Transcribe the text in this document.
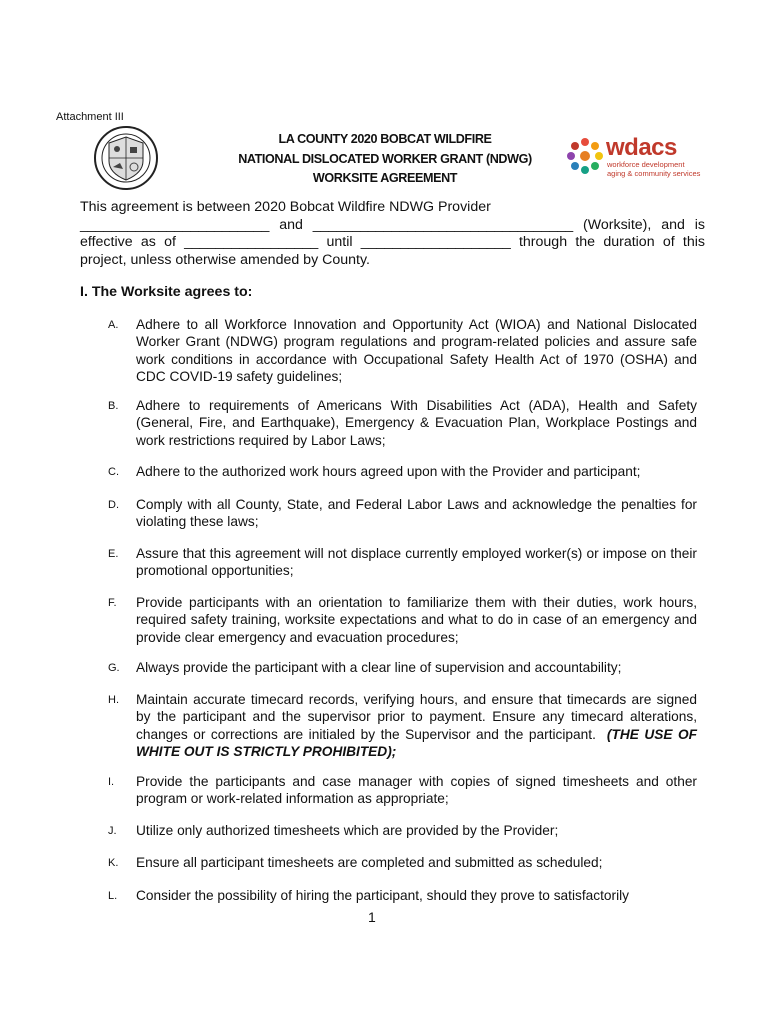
Attachment III
LA COUNTY 2020 BOBCAT WILDFIRE
NATIONAL DISLOCATED WORKER GRANT (NDWG)
WORKSITE AGREEMENT
wdacs
workforce development
aging & community services

This agreement is between 2020 Bobcat Wildfire NDWG Provider

________________________ and _________________________________ (Worksite), and is

effective as of _________________ until ___________________ through the duration of this

project, unless otherwise amended by County.

I. The Worksite agrees to:
A. Adhere to all Workforce Innovation and Opportunity Act (WIOA) and National Dislocated Worker Grant (NDWG) program regulations and program-related policies and assure safe work conditions in accordance with Occupational Safety Health Act of 1970 (OSHA) and CDC COVID-19 safety guidelines;
B. Adhere to requirements of Americans With Disabilities Act (ADA), Health and Safety (General, Fire, and Earthquake), Emergency & Evacuation Plan, Workplace Postings and work restrictions required by Labor Laws;
C. Adhere to the authorized work hours agreed upon with the Provider and participant;
D. Comply with all County, State, and Federal Labor Laws and acknowledge the penalties for violating these laws;
E. Assure that this agreement will not displace currently employed worker(s) or impose on their promotional opportunities;
F. Provide participants with an orientation to familiarize them with their duties, work hours, required safety training, worksite expectations and what to do in case of an emergency and provide clear emergency and evacuation procedures;
G. Always provide the participant with a clear line of supervision and accountability;
H. Maintain accurate timecard records, verifying hours, and ensure that timecards are signed by the participant and the supervisor prior to payment. Ensure any timecard alterations, changes or corrections are initialed by the Supervisor and the participant. (THE USE OF WHITE OUT IS STRICTLY PROHIBITED);
I. Provide the participants and case manager with copies of signed timesheets and other program or work-related information as appropriate;
J. Utilize only authorized timesheets which are provided by the Provider;
K. Ensure all participant timesheets are completed and submitted as scheduled;
L. Consider the possibility of hiring the participant, should they prove to satisfactorily
1
